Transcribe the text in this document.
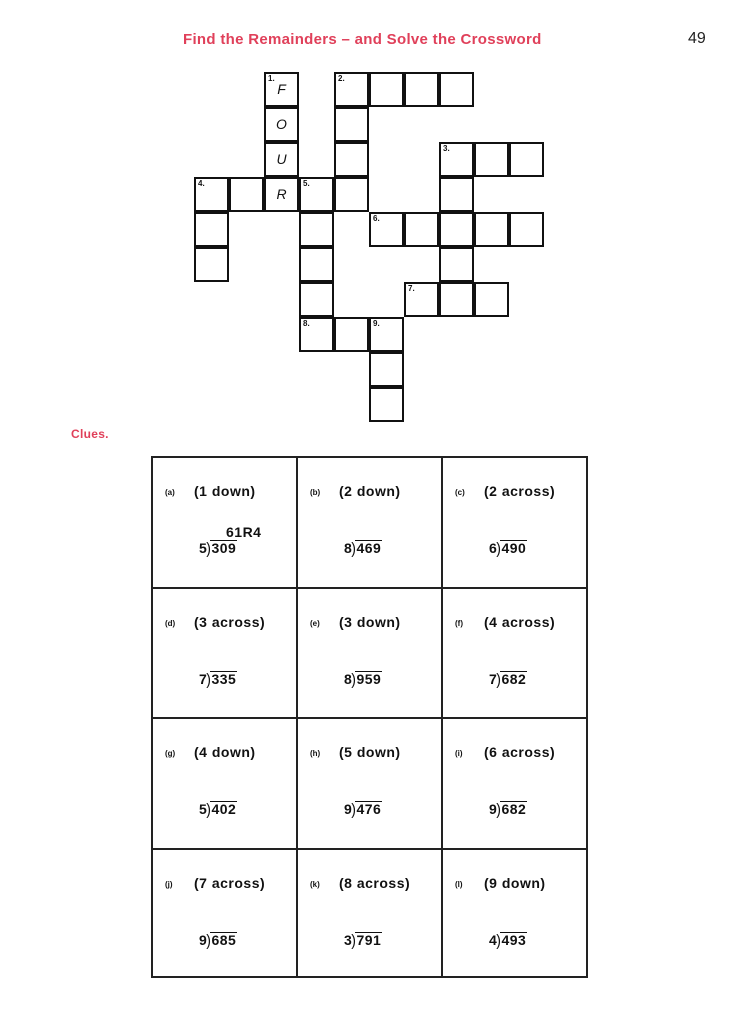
Find the Remainders – and Solve the Crossword	49
1.
F
O
U
R
2.
3.
4.	5.
8.
6.
7.
9.
Clues.
(a) (1 down)
61R4
5)309
(b) (2 down)
8)469
(c) (2 across)
6)490
(d) (3 across)
7)335
(e) (3 down)
8)959
(f) (4 across)
7)682
(g) (4 down)
5)402
(h) (5 down)
9)476
(i) (6 across)
9)682
(j) (7 across)
9)685
(k) (8 across)
3)791
(l) (9 down)
4)493
